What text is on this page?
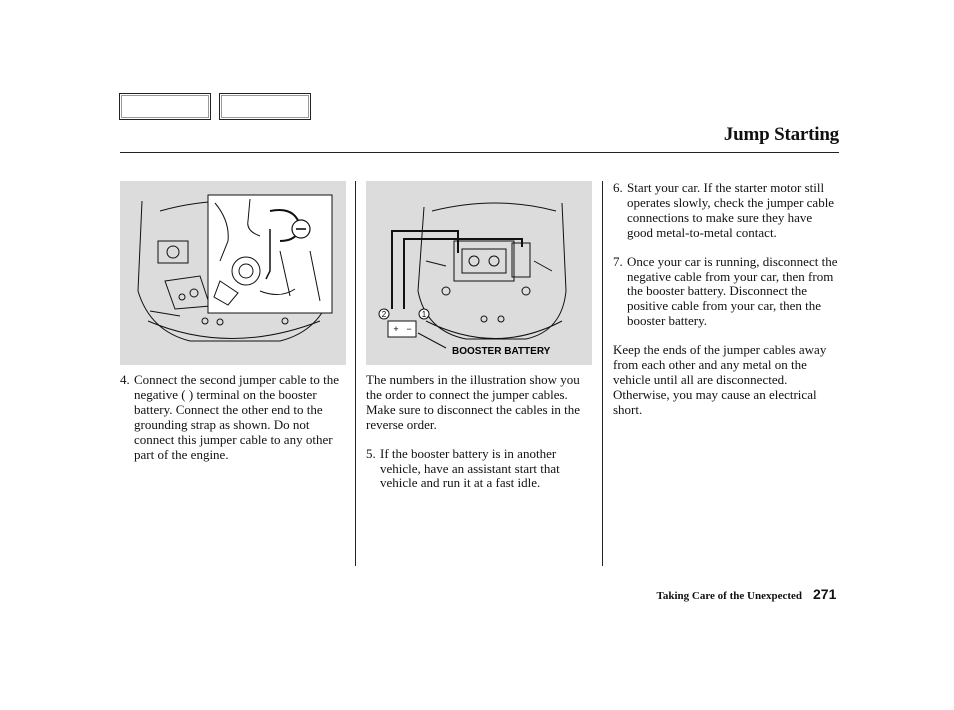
Jump Starting
+ −
2	1
BOOSTER BATTERY
4. Connect the second jumper cable to the negative ( ) terminal on the booster battery. Connect the other end to the grounding strap as shown. Do not connect this jumper cable to any other part of the engine.

The numbers in the illustration show you the order to connect the jumper cables. Make sure to disconnect the cables in the reverse order.

5. If the booster battery is in another vehicle, have an assistant start that vehicle and run it at a fast idle.
6. Start your car. If the starter motor still operates slowly, check the jumper cable connections to make sure they have good metal-to-metal contact.
7. Once your car is running, disconnect the negative cable from your car, then from the booster battery. Disconnect the positive cable from your car, then the booster battery.

Keep the ends of the jumper cables away from each other and any metal on the vehicle until all are disconnected. Otherwise, you may cause an electrical short.

Taking Care of the Unexpected 271
